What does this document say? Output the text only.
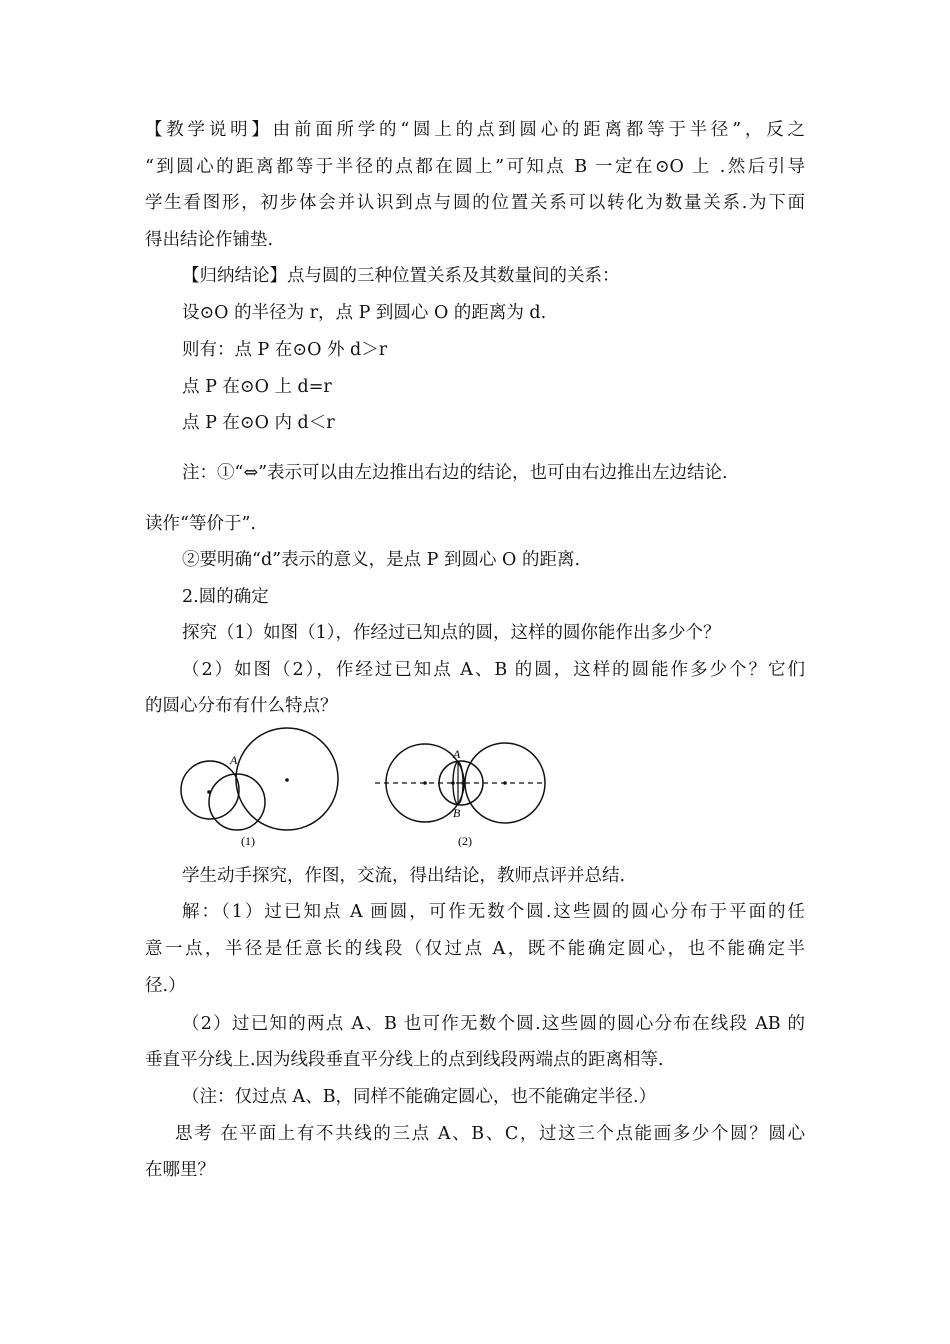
【教学说明】由前面所学的“圆上的点到圆心的距离都等于半径”，反之
“到圆心的距离都等于半径的点都在圆上”可知点 B 一定在⊙O 上 .然后引导
学生看图形，初步体会并认识到点与圆的位置关系可以转化为数量关系.为下面
得出结论作铺垫.
【归纳结论】点与圆的三种位置关系及其数量间的关系：
设⊙O 的半径为 r，点 P 到圆心 O 的距离为 d.
则有：点 P 在⊙O 外 d＞r
点 P 在⊙O 上 d=r
点 P 在⊙O 内 d＜r
注：①“⇔”表示可以由左边推出右边的结论，也可由右边推出左边结论.
读作“等价于”.
②要明确“d”表示的意义，是点 P 到圆心 O 的距离.
2.圆的确定
探究（1）如图（1），作经过已知点的圆，这样的圆你能作出多少个？
（2）如图（2），作经过已知点 A、B 的圆，这样的圆能作多少个？它们
的圆心分布有什么特点？
A
(1)
A
B
(2)
学生动手探究，作图，交流，得出结论，教师点评并总结.
解：（1）过已知点 A 画圆，可作无数个圆.这些圆的圆心分布于平面的任
意一点，半径是任意长的线段（仅过点 A，既不能确定圆心，也不能确定半
径.）
（2）过已知的两点 A、B 也可作无数个圆.这些圆的圆心分布在线段 AB 的
垂直平分线上.因为线段垂直平分线上的点到线段两端点的距离相等.
（注：仅过点 A、B，同样不能确定圆心，也不能确定半径.）
思考 在平面上有不共线的三点 A、B、C，过这三个点能画多少个圆？圆心
在哪里？
